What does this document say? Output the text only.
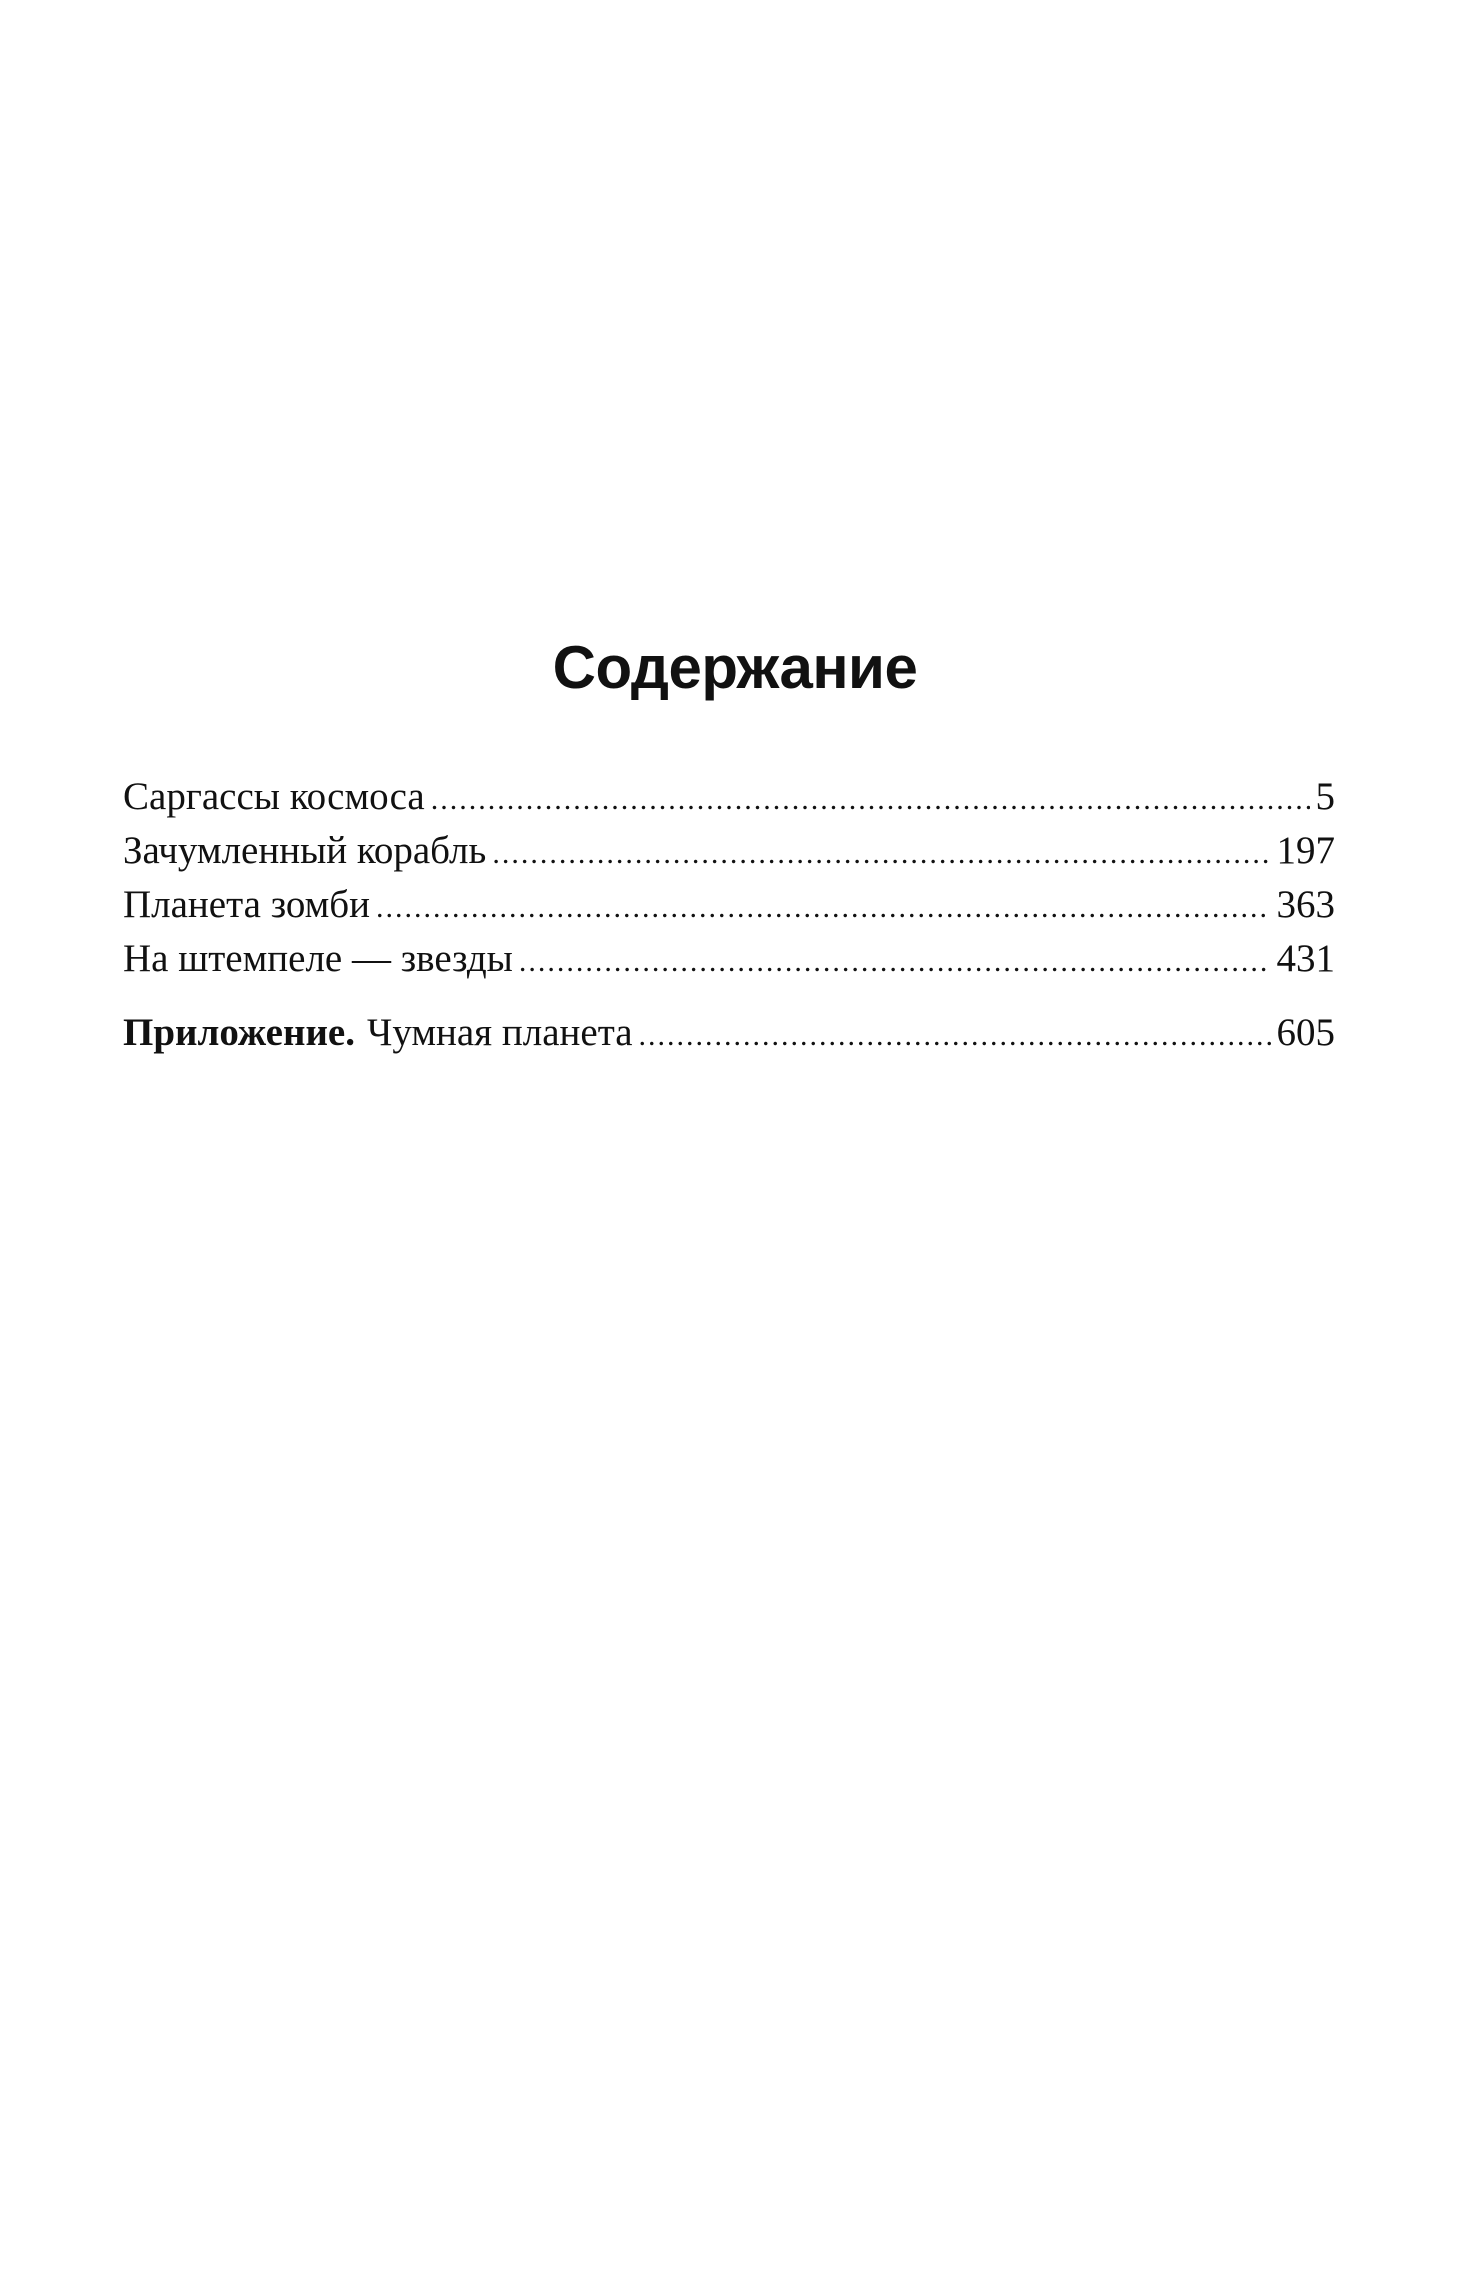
Содержание
Саргассы космоса .....	5
Зачумленный корабль .....	197
Планета зомби .....	363
На штемпеле — звезды .....	431
Приложение. Чумная планета .....	605
